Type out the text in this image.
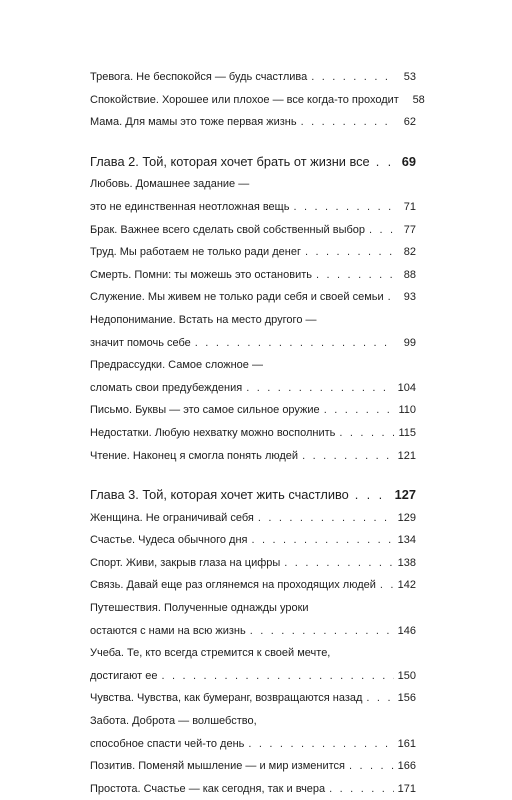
Тревога. Не беспокойся — будь счастлива . . .	53
Спокойствие. Хорошее или плохое — все когда-то проходит	58
Мама. Для мамы это тоже первая жизнь . . .	62
Глава 2. Той, которая хочет брать от жизни все . . .	69
Любовь. Домашнее задание —
это не единственная неотложная вещь . . .	71
Брак. Важнее всего сделать свой собственный выбор . . .	77
Труд. Мы работаем не только ради денег . . .	82
Смерть. Помни: ты можешь это остановить . . .	88
Служение. Мы живем не только ради себя и своей семьи . . .	93
Недопонимание. Встать на место другого —
значит помочь себе . . .	99
Предрассудки. Самое сложное —
сломать свои предубеждения . . .	104
Письмо. Буквы — это самое сильное оружие . . .	110
Недостатки. Любую нехватку можно восполнить . . .	115
Чтение. Наконец я смогла понять людей . . .	121
Глава 3. Той, которая хочет жить счастливо . . .	127
Женщина. Не ограничивай себя . . .	129
Счастье. Чудеса обычного дня . . .	134
Спорт. Живи, закрыв глаза на цифры . . .	138
Связь. Давай еще раз оглянемся на проходящих людей . . . 142
Путешествия. Полученные однажды уроки
остаются с нами на всю жизнь . . .	146
Учеба. Те, кто всегда стремится к своей мечте,
достигают ее . . .	150
Чувства. Чувства, как бумеранг, возвращаются назад . . .	156
Забота. Доброта — волшебство,
способное спасти чей-то день . . .	161
Позитив. Поменяй мышление — и мир изменится . . .	166
Простота. Счастье — как сегодня, так и вчера . . .	171
